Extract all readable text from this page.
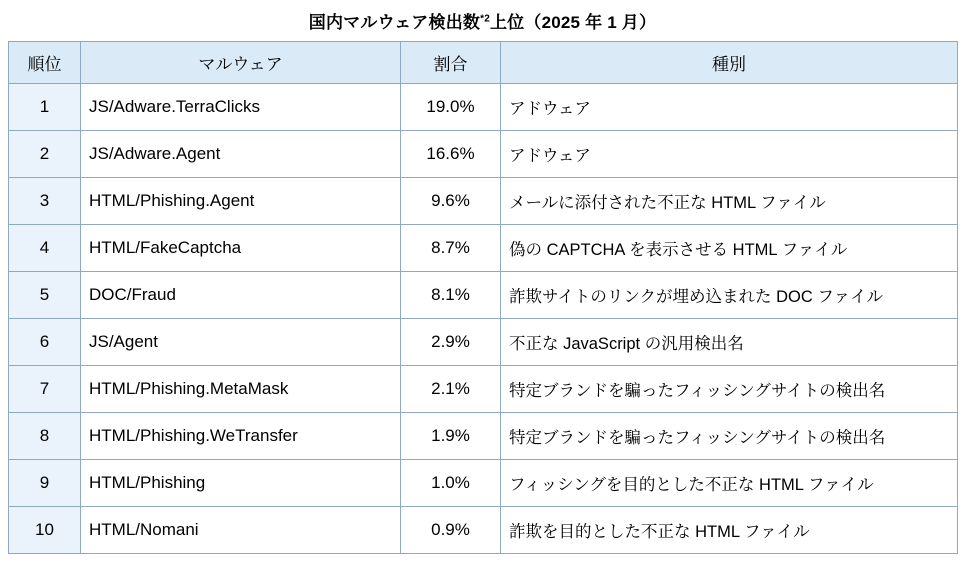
国内マルウェア検出数$^{*2}$上位（2025 年 1 月）
順位	マルウェア	割合	種別
1	JS/Adware.TerraClicks	19.0%	アドウェア
2	JS/Adware.Agent	16.6%	アドウェア
3	HTML/Phishing.Agent	9.6%	メールに添付された不正な HTML ファイル
4	HTML/FakeCaptcha	8.7%	偽の CAPTCHA を表示させる HTML ファイル
5	DOC/Fraud	8.1%	詐欺サイトのリンクが埋め込まれた DOC ファイル
6	JS/Agent	2.9%	不正な JavaScript の汎用検出名
7	HTML/Phishing.MetaMask	2.1%	特定ブランドを騙ったフィッシングサイトの検出名
8	HTML/Phishing.WeTransfer	1.9%	特定ブランドを騙ったフィッシングサイトの検出名
9	HTML/Phishing	1.0%	フィッシングを目的とした不正な HTML ファイル
10	HTML/Nomani	0.9%	詐欺を目的とした不正な HTML ファイル
